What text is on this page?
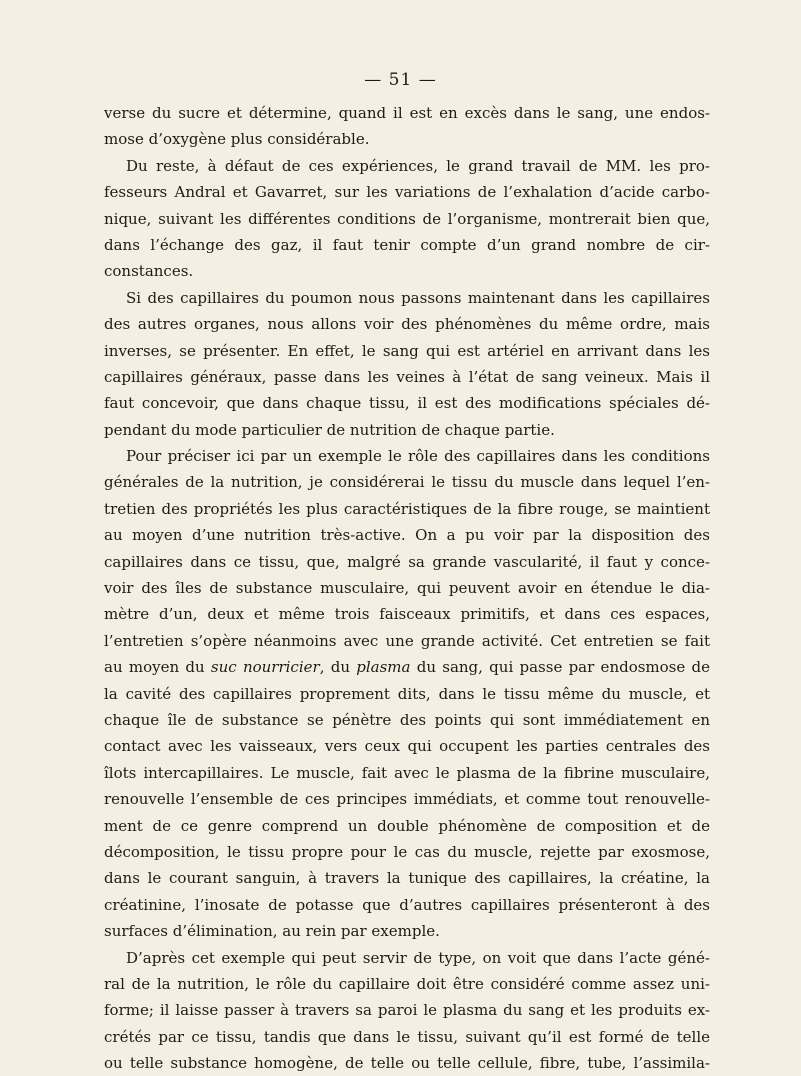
— 51 —
verse du sucre et détermine, quand il est en excès dans le sang, une endos-
mose d’oxygène plus considérable.
Du reste, à défaut de ces expériences, le grand travail de MM. les pro-
fesseurs Andral et Gavarret, sur les variations de l’exhalation d’acide carbo-
nique, suivant les différentes conditions de l’organisme, montrerait bien que,
dans l’échange des gaz, il faut tenir compte d’un grand nombre de cir-
constances.
Si des capillaires du poumon nous passons maintenant dans les capillaires
des autres organes, nous allons voir des phénomènes du même ordre, mais
inverses, se présenter. En effet, le sang qui est artériel en arrivant dans les
capillaires généraux, passe dans les veines à l’état de sang veineux. Mais il
faut concevoir, que dans chaque tissu, il est des modifications spéciales dé-
pendant du mode particulier de nutrition de chaque partie.
Pour préciser ici par un exemple le rôle des capillaires dans les conditions
générales de la nutrition, je considérerai le tissu du muscle dans lequel l’en-
tretien des propriétés les plus caractéristiques de la fibre rouge, se maintient
au moyen d’une nutrition très-active. On a pu voir par la disposition des
capillaires dans ce tissu, que, malgré sa grande vascularité, il faut y conce-
voir des îles de substance musculaire, qui peuvent avoir en étendue le dia-
mètre d’un, deux et même trois faisceaux primitifs, et dans ces espaces,
l’entretien s’opère néanmoins avec une grande activité. Cet entretien se fait
au moyen du suc nourricier, du plasma du sang, qui passe par endosmose de
la cavité des capillaires proprement dits, dans le tissu même du muscle, et
chaque île de substance se pénètre des points qui sont immédiatement en
contact avec les vaisseaux, vers ceux qui occupent les parties centrales des
îlots intercapillaires. Le muscle, fait avec le plasma de la fibrine musculaire,
renouvelle l’ensemble de ces principes immédiats, et comme tout renouvelle-
ment de ce genre comprend un double phénomène de composition et de
décomposition, le tissu propre pour le cas du muscle, rejette par exosmose,
dans le courant sanguin, à travers la tunique des capillaires, la créatine, la
créatinine, l’inosate de potasse que d’autres capillaires présenteront à des
surfaces d’élimination, au rein par exemple.
D’après cet exemple qui peut servir de type, on voit que dans l’acte géné-
ral de la nutrition, le rôle du capillaire doit être considéré comme assez uni-
forme; il laisse passer à travers sa paroi le plasma du sang et les produits ex-
crétés par ce tissu, tandis que dans le tissu, suivant qu’il est formé de telle
ou telle substance homogène, de telle ou telle cellule, fibre, tube, l’assimila-
